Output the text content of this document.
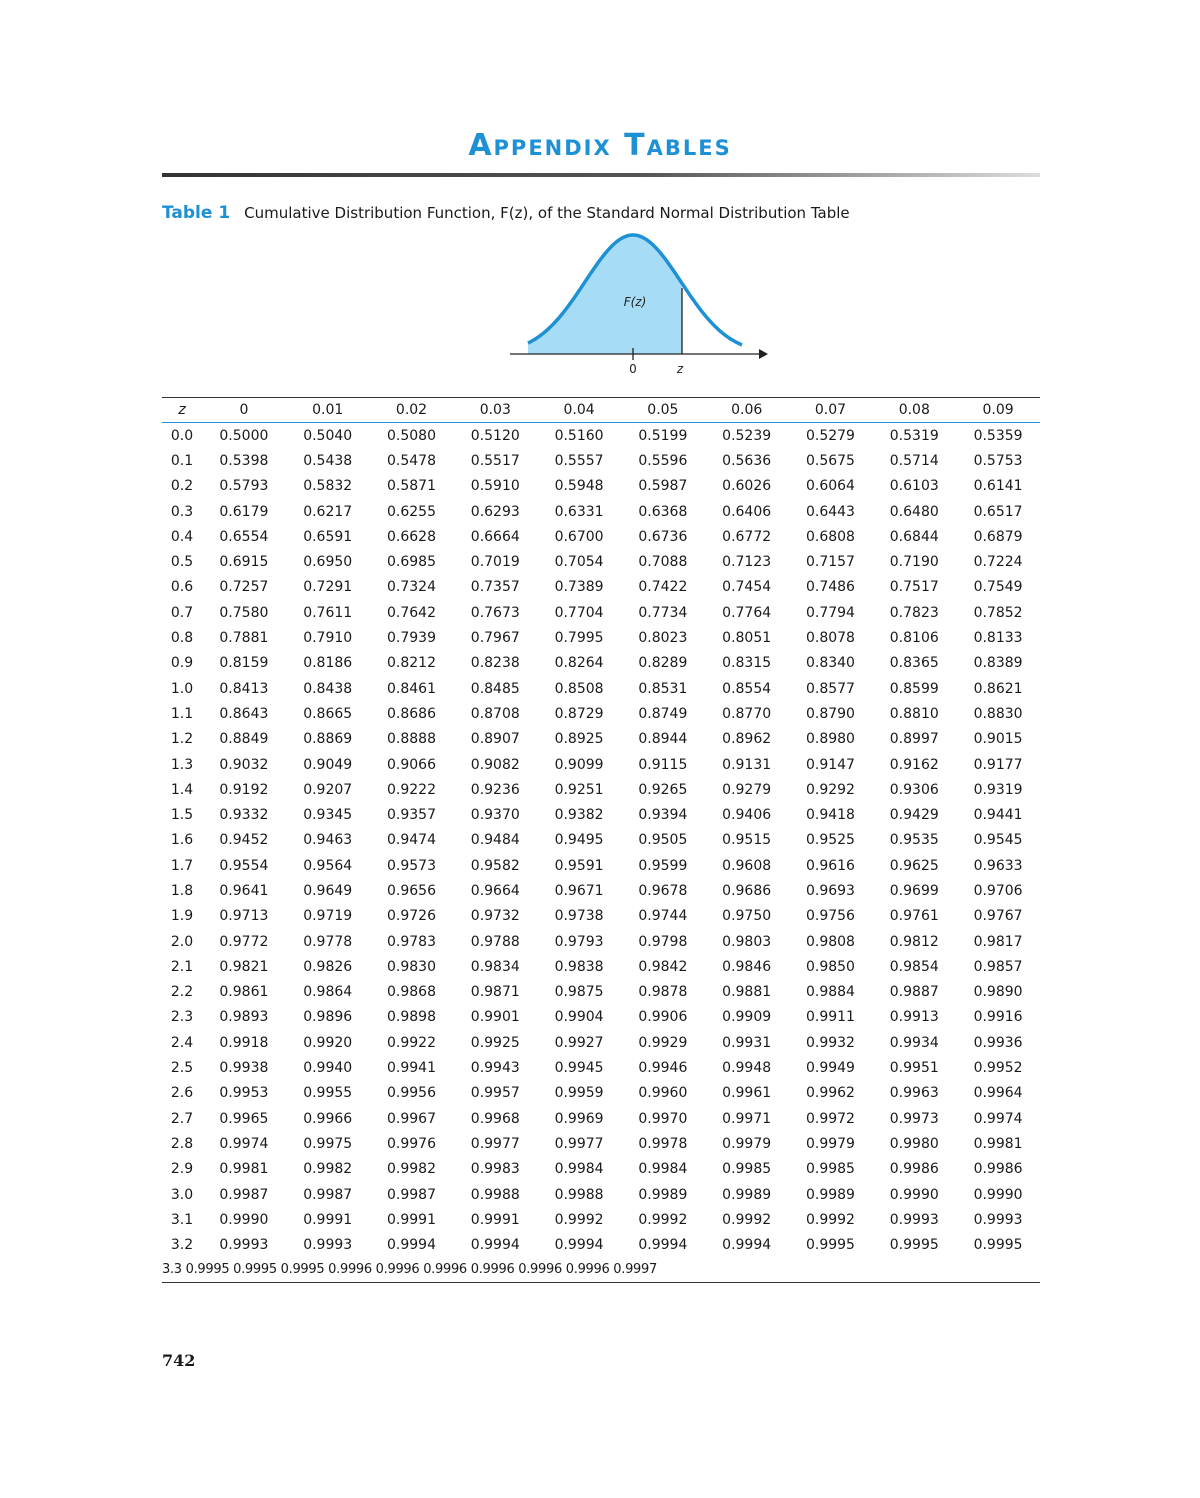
Appendix Tables
Table 1 Cumulative Distribution Function, F(z), of the Standard Normal Distribution Table
F(z)
0	z
z	0	0.01	0.02	0.03	0.04	0.05	0.06	0.07	0.08	0.09
0.0	0.5000	0.5040	0.5080	0.5120	0.5160	0.5199	0.5239	0.5279	0.5319	0.5359
0.1	0.5398	0.5438	0.5478	0.5517	0.5557	0.5596	0.5636	0.5675	0.5714	0.5753
0.2	0.5793	0.5832	0.5871	0.5910	0.5948	0.5987	0.6026	0.6064	0.6103	0.6141
0.3	0.6179	0.6217	0.6255	0.6293	0.6331	0.6368	0.6406	0.6443	0.6480	0.6517
0.4	0.6554	0.6591	0.6628	0.6664	0.6700	0.6736	0.6772	0.6808	0.6844	0.6879
0.5	0.6915	0.6950	0.6985	0.7019	0.7054	0.7088	0.7123	0.7157	0.7190	0.7224
0.6	0.7257	0.7291	0.7324	0.7357	0.7389	0.7422	0.7454	0.7486	0.7517	0.7549
0.7	0.7580	0.7611	0.7642	0.7673	0.7704	0.7734	0.7764	0.7794	0.7823	0.7852
0.8	0.7881	0.7910	0.7939	0.7967	0.7995	0.8023	0.8051	0.8078	0.8106	0.8133
0.9	0.8159	0.8186	0.8212	0.8238	0.8264	0.8289	0.8315	0.8340	0.8365	0.8389
1.0	0.8413	0.8438	0.8461	0.8485	0.8508	0.8531	0.8554	0.8577	0.8599	0.8621
1.1	0.8643	0.8665	0.8686	0.8708	0.8729	0.8749	0.8770	0.8790	0.8810	0.8830
1.2	0.8849	0.8869	0.8888	0.8907	0.8925	0.8944	0.8962	0.8980	0.8997	0.9015
1.3	0.9032	0.9049	0.9066	0.9082	0.9099	0.9115	0.9131	0.9147	0.9162	0.9177
1.4	0.9192	0.9207	0.9222	0.9236	0.9251	0.9265	0.9279	0.9292	0.9306	0.9319
1.5	0.9332	0.9345	0.9357	0.9370	0.9382	0.9394	0.9406	0.9418	0.9429	0.9441
1.6	0.9452	0.9463	0.9474	0.9484	0.9495	0.9505	0.9515	0.9525	0.9535	0.9545
1.7	0.9554	0.9564	0.9573	0.9582	0.9591	0.9599	0.9608	0.9616	0.9625	0.9633
1.8	0.9641	0.9649	0.9656	0.9664	0.9671	0.9678	0.9686	0.9693	0.9699	0.9706
1.9	0.9713	0.9719	0.9726	0.9732	0.9738	0.9744	0.9750	0.9756	0.9761	0.9767
2.0	0.9772	0.9778	0.9783	0.9788	0.9793	0.9798	0.9803	0.9808	0.9812	0.9817
2.1	0.9821	0.9826	0.9830	0.9834	0.9838	0.9842	0.9846	0.9850	0.9854	0.9857
2.2	0.9861	0.9864	0.9868	0.9871	0.9875	0.9878	0.9881	0.9884	0.9887	0.9890
2.3	0.9893	0.9896	0.9898	0.9901	0.9904	0.9906	0.9909	0.9911	0.9913	0.9916
2.4	0.9918	0.9920	0.9922	0.9925	0.9927	0.9929	0.9931	0.9932	0.9934	0.9936
2.5	0.9938	0.9940	0.9941	0.9943	0.9945	0.9946	0.9948	0.9949	0.9951	0.9952
2.6	0.9953	0.9955	0.9956	0.9957	0.9959	0.9960	0.9961	0.9962	0.9963	0.9964
2.7	0.9965	0.9966	0.9967	0.9968	0.9969	0.9970	0.9971	0.9972	0.9973	0.9974
2.8	0.9974	0.9975	0.9976	0.9977	0.9977	0.9978	0.9979	0.9979	0.9980	0.9981
2.9	0.9981	0.9982	0.9982	0.9983	0.9984	0.9984	0.9985	0.9985	0.9986	0.9986
3.0	0.9987	0.9987	0.9987	0.9988	0.9988	0.9989	0.9989	0.9989	0.9990	0.9990
3.1	0.9990	0.9991	0.9991	0.9991	0.9992	0.9992	0.9992	0.9992	0.9993	0.9993
3.2	0.9993	0.9993	0.9994	0.9994	0.9994	0.9994	0.9994	0.9995	0.9995	0.9995
3.3 0.9995 0.9995 0.9995 0.9996 0.9996 0.9996 0.9996 0.9996 0.9996 0.9997										
742
